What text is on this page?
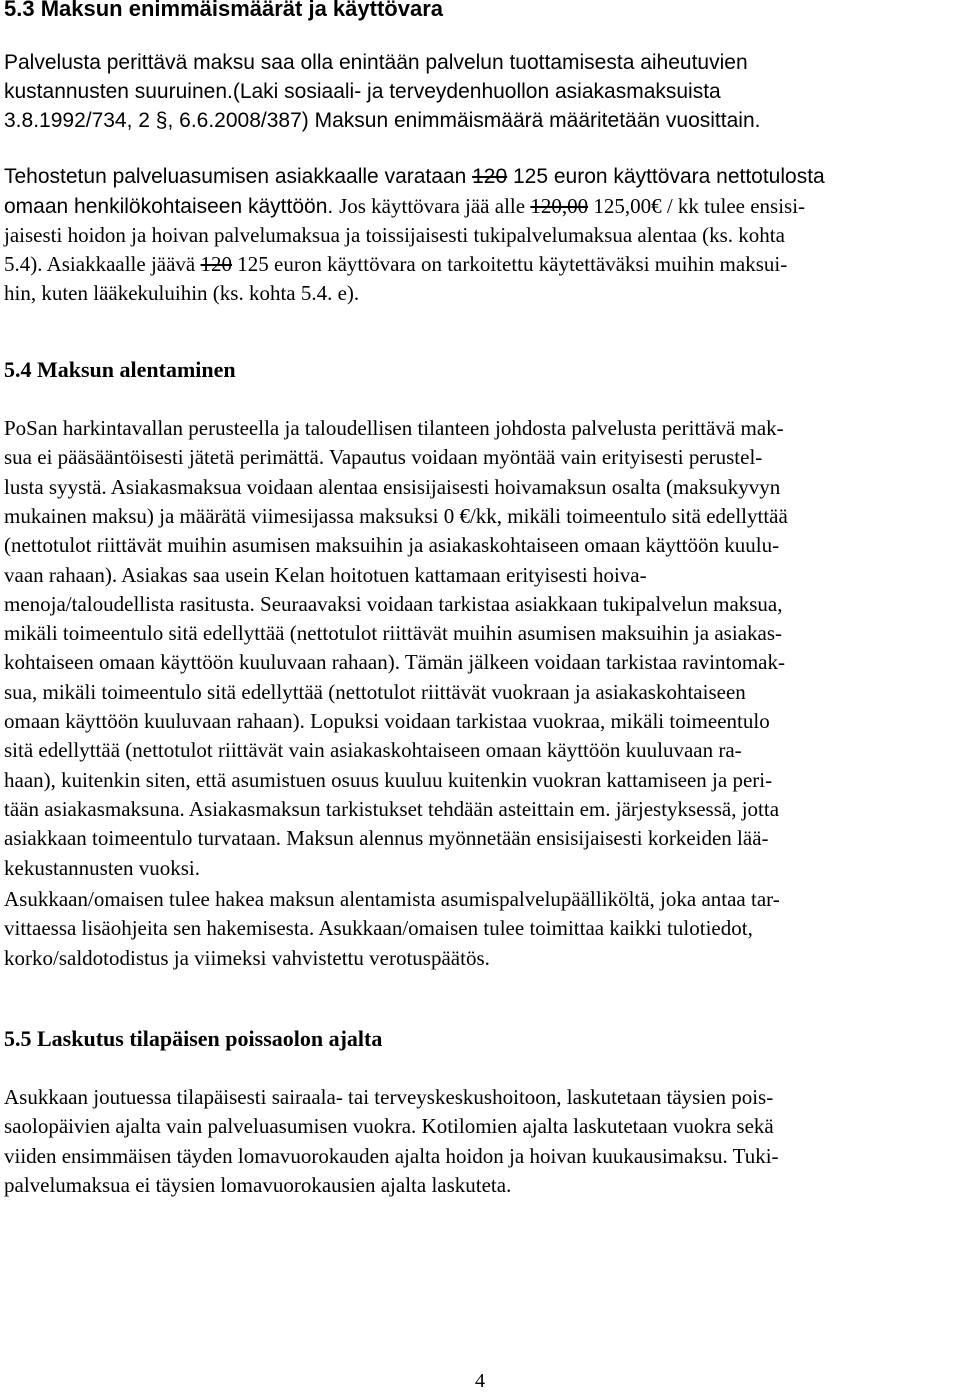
5.3 Maksun enimmäismäärät ja käyttövara
Palvelusta perittävä maksu saa olla enintään palvelun tuottamisesta aiheutuvien
kustannusten suuruinen.(Laki sosiaali- ja terveydenhuollon asiakasmaksuista
3.8.1992/734, 2 §, 6.6.2008/387) Maksun enimmäismäärä määritetään vuosittain.
Tehostetun palveluasumisen asiakkaalle varataan 120 125 euron käyttövara nettotulosta
omaan henkilökohtaiseen käyttöön. Jos käyttövara jää alle 120,00 125,00€ / kk tulee ensisi-
jaisesti hoidon ja hoivan palvelumaksua ja toissijaisesti tukipalvelumaksua alentaa (ks. kohta
5.4). Asiakkaalle jäävä 120 125 euron käyttövara on tarkoitettu käytettäväksi muihin maksui-
hin, kuten lääkekuluihin (ks. kohta 5.4. e).
5.4 Maksun alentaminen
PoSan harkintavallan perusteella ja taloudellisen tilanteen johdosta palvelusta perittävä mak-
sua ei pääsääntöisesti jätetä perimättä. Vapautus voidaan myöntää vain erityisesti perustel-
lusta syystä. Asiakasmaksua voidaan alentaa ensisijaisesti hoivamaksun osalta (maksukyvyn
mukainen maksu) ja määrätä viimesijassa maksuksi 0 €/kk, mikäli toimeentulo sitä edellyttää
(nettotulot riittävät muihin asumisen maksuihin ja asiakaskohtaiseen omaan käyttöön kuulu-
vaan rahaan). Asiakas saa usein Kelan hoitotuen kattamaan erityisesti hoiva-
menoja/taloudellista rasitusta. Seuraavaksi voidaan tarkistaa asiakkaan tukipalvelun maksua,
mikäli toimeentulo sitä edellyttää (nettotulot riittävät muihin asumisen maksuihin ja asiakas-
kohtaiseen omaan käyttöön kuuluvaan rahaan). Tämän jälkeen voidaan tarkistaa ravintomak-
sua, mikäli toimeentulo sitä edellyttää (nettotulot riittävät vuokraan ja asiakaskohtaiseen
omaan käyttöön kuuluvaan rahaan). Lopuksi voidaan tarkistaa vuokraa, mikäli toimeentulo
sitä edellyttää (nettotulot riittävät vain asiakaskohtaiseen omaan käyttöön kuuluvaan ra-
haan), kuitenkin siten, että asumistuen osuus kuuluu kuitenkin vuokran kattamiseen ja peri-
tään asiakasmaksuna. Asiakasmaksun tarkistukset tehdään asteittain em. järjestyksessä, jotta
asiakkaan toimeentulo turvataan. Maksun alennus myönnetään ensisijaisesti korkeiden lää-
kekustannusten vuoksi.
Asukkaan/omaisen tulee hakea maksun alentamista asumispalvelupäälliköltä, joka antaa tar-
vittaessa lisäohjeita sen hakemisesta. Asukkaan/omaisen tulee toimittaa kaikki tulotiedot,
korko/saldotodistus ja viimeksi vahvistettu verotuspäätös.
5.5 Laskutus tilapäisen poissaolon ajalta
Asukkaan joutuessa tilapäisesti sairaala- tai terveyskeskushoitoon, laskutetaan täysien pois-
saolopäivien ajalta vain palveluasumisen vuokra. Kotilomien ajalta laskutetaan vuokra sekä
viiden ensimmäisen täyden lomavuorokauden ajalta hoidon ja hoivan kuukausimaksu. Tuki-
palvelumaksua ei täysien lomavuorokausien ajalta laskuteta.
4
